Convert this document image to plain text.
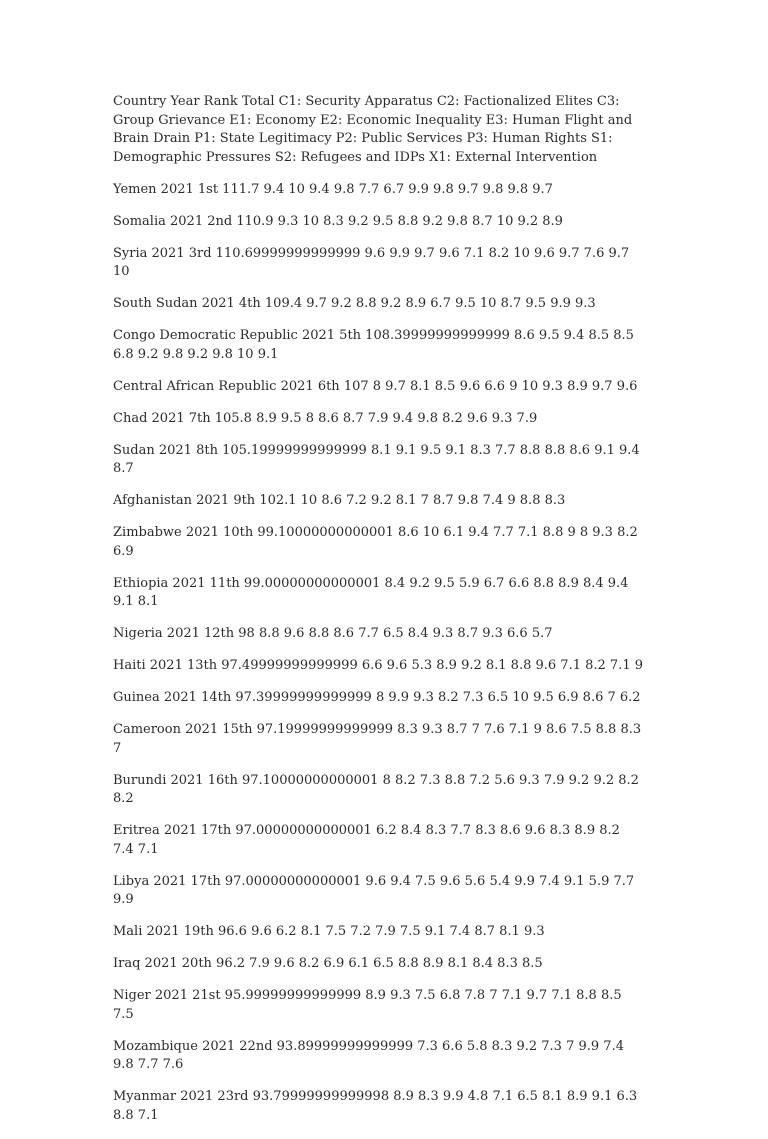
Country Year Rank Total C1: Security Apparatus C2: Factionalized Elites C3: Group Grievance E1: Economy E2: Economic Inequality E3: Human Flight and Brain Drain P1: State Legitimacy P2: Public Services P3: Human Rights S1: Demographic Pressures S2: Refugees and IDPs X1: External Intervention

Yemen 2021 1st 111.7 9.4 10 9.4 9.8 7.7 6.7 9.9 9.8 9.7 9.8 9.8 9.7

Somalia 2021 2nd 110.9 9.3 10 8.3 9.2 9.5 8.8 9.2 9.8 8.7 10 9.2 8.9

Syria 2021 3rd 110.69999999999999 9.6 9.9 9.7 9.6 7.1 8.2 10 9.6 9.7 7.6 9.7 10

South Sudan 2021 4th 109.4 9.7 9.2 8.8 9.2 8.9 6.7 9.5 10 8.7 9.5 9.9 9.3

Congo Democratic Republic 2021 5th 108.39999999999999 8.6 9.5 9.4 8.5 8.5 6.8 9.2 9.8 9.2 9.8 10 9.1

Central African Republic 2021 6th 107 8 9.7 8.1 8.5 9.6 6.6 9 10 9.3 8.9 9.7 9.6

Chad 2021 7th 105.8 8.9 9.5 8 8.6 8.7 7.9 9.4 9.8 8.2 9.6 9.3 7.9

Sudan 2021 8th 105.19999999999999 8.1 9.1 9.5 9.1 8.3 7.7 8.8 8.8 8.6 9.1 9.4 8.7

Afghanistan 2021 9th 102.1 10 8.6 7.2 9.2 8.1 7 8.7 9.8 7.4 9 8.8 8.3

Zimbabwe 2021 10th 99.10000000000001 8.6 10 6.1 9.4 7.7 7.1 8.8 9 8 9.3 8.2 6.9

Ethiopia 2021 11th 99.00000000000001 8.4 9.2 9.5 5.9 6.7 6.6 8.8 8.9 8.4 9.4 9.1 8.1

Nigeria 2021 12th 98 8.8 9.6 8.8 8.6 7.7 6.5 8.4 9.3 8.7 9.3 6.6 5.7

Haiti 2021 13th 97.49999999999999 6.6 9.6 5.3 8.9 9.2 8.1 8.8 9.6 7.1 8.2 7.1 9

Guinea 2021 14th 97.39999999999999 8 9.9 9.3 8.2 7.3 6.5 10 9.5 6.9 8.6 7 6.2

Cameroon 2021 15th 97.19999999999999 8.3 9.3 8.7 7 7.6 7.1 9 8.6 7.5 8.8 8.3 7

Burundi 2021 16th 97.10000000000001 8 8.2 7.3 8.8 7.2 5.6 9.3 7.9 9.2 9.2 8.2 8.2

Eritrea 2021 17th 97.00000000000001 6.2 8.4 8.3 7.7 8.3 8.6 9.6 8.3 8.9 8.2 7.4 7.1

Libya 2021 17th 97.00000000000001 9.6 9.4 7.5 9.6 5.6 5.4 9.9 7.4 9.1 5.9 7.7 9.9

Mali 2021 19th 96.6 9.6 6.2 8.1 7.5 7.2 7.9 7.5 9.1 7.4 8.7 8.1 9.3

Iraq 2021 20th 96.2 7.9 9.6 8.2 6.9 6.1 6.5 8.8 8.9 8.1 8.4 8.3 8.5

Niger 2021 21st 95.99999999999999 8.9 9.3 7.5 6.8 7.8 7 7.1 9.7 7.1 8.8 8.5 7.5

Mozambique 2021 22nd 93.89999999999999 7.3 6.6 5.8 8.3 9.2 7.3 7 9.9 7.4 9.8 7.7 7.6

Myanmar 2021 23rd 93.79999999999998 8.9 8.3 9.9 4.8 7.1 6.5 8.1 8.9 9.1 6.3 8.8 7.1
